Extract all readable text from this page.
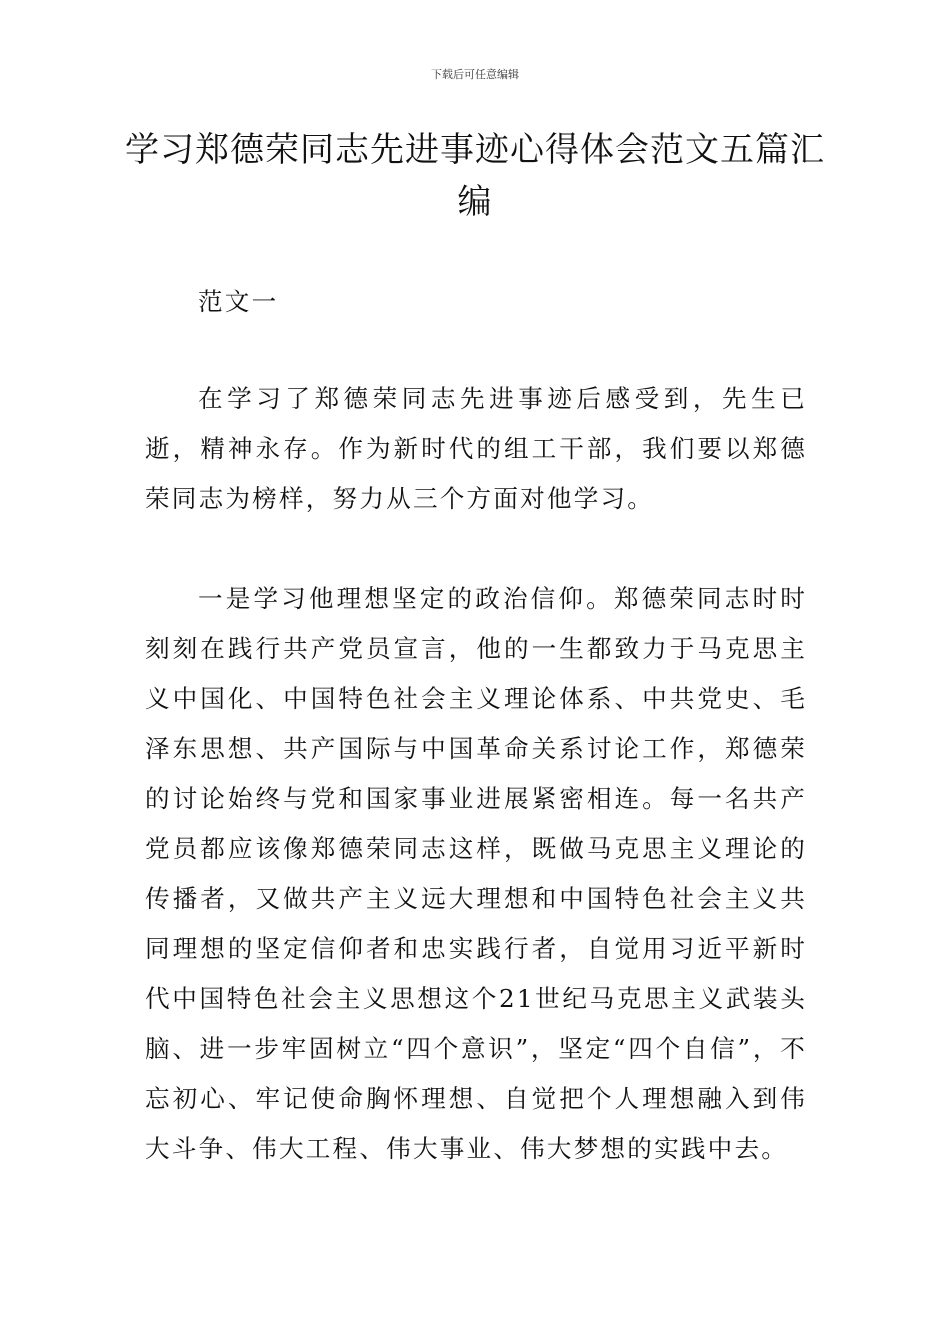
下载后可任意编辑
学习郑德荣同志先进事迹心得体会范文五篇汇编

范文一

在学习了郑德荣同志先进事迹后感受到，先生已逝，精神永存。作为新时代的组工干部，我们要以郑德荣同志为榜样，努力从三个方面对他学习。

一是学习他理想坚定的政治信仰。郑德荣同志时时刻刻在践行共产党员宣言，他的一生都致力于马克思主义中国化、中国特色社会主义理论体系、中共党史、毛泽东思想、共产国际与中国革命关系讨论工作，郑德荣的讨论始终与党和国家事业进展紧密相连。每一名共产党员都应该像郑德荣同志这样，既做马克思主义理论的传播者，又做共产主义远大理想和中国特色社会主义共同理想的坚定信仰者和忠实践行者，自觉用习近平新时代中国特色社会主义思想这个21世纪马克思主义武装头脑、进一步牢固树立“四个意识”，坚定“四个自信”，不忘初心、牢记使命胸怀理想、自觉把个人理想融入到伟大斗争、伟大工程、伟大事业、伟大梦想的实践中去。
